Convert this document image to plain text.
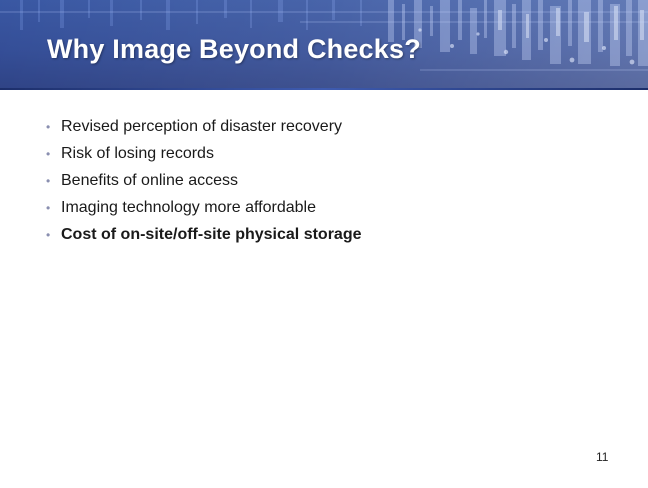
Why Image Beyond Checks?
• Revised perception of disaster recovery
• Risk of losing records
• Benefits of online access
• Imaging technology more affordable
• Cost of on-site/off-site physical storage
11
